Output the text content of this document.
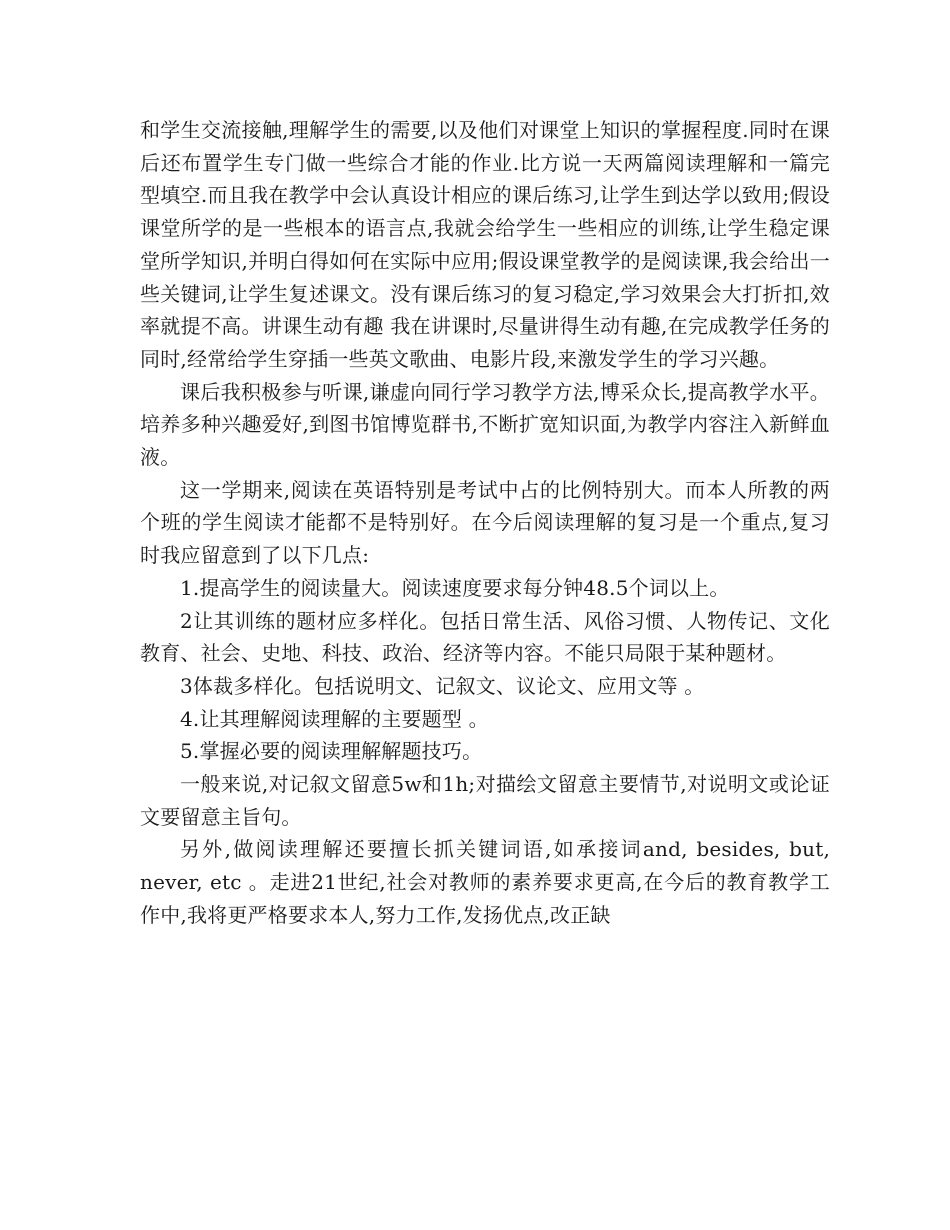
和学生交流接触,理解学生的需要,以及他们对课堂上知识的掌握程度.同时在课后还布置学生专门做一些综合才能的作业.比方说一天两篇阅读理解和一篇完型填空.而且我在教学中会认真设计相应的课后练习,让学生到达学以致用;假设课堂所学的是一些根本的语言点,我就会给学生一些相应的训练,让学生稳定课堂所学知识,并明白得如何在实际中应用;假设课堂教学的是阅读课,我会给出一些关键词,让学生复述课文。没有课后练习的复习稳定,学习效果会大打折扣,效率就提不高。讲课生动有趣 我在讲课时,尽量讲得生动有趣,在完成教学任务的同时,经常给学生穿插一些英文歌曲、电影片段,来激发学生的学习兴趣。

课后我积极参与听课,谦虚向同行学习教学方法,博采众长,提高教学水平。培养多种兴趣爱好,到图书馆博览群书,不断扩宽知识面,为教学内容注入新鲜血液。

这一学期来,阅读在英语特别是考试中占的比例特别大。而本人所教的两个班的学生阅读才能都不是特别好。在今后阅读理解的复习是一个重点,复习时我应留意到了以下几点:

1.提高学生的阅读量大。阅读速度要求每分钟48.5个词以上。

2让其训练的题材应多样化。包括日常生活、风俗习惯、人物传记、文化教育、社会、史地、科技、政治、经济等内容。不能只局限于某种题材。

3体裁多样化。包括说明文、记叙文、议论文、应用文等 。

4.让其理解阅读理解的主要题型 。

5.掌握必要的阅读理解解题技巧。

一般来说,对记叙文留意5w和1h;对描绘文留意主要情节,对说明文或论证文要留意主旨句。

另外,做阅读理解还要擅长抓关键词语,如承接词and, besides, but, never, etc 。走进21世纪,社会对教师的素养要求更高,在今后的教育教学工作中,我将更严格要求本人,努力工作,发扬优点,改正缺
